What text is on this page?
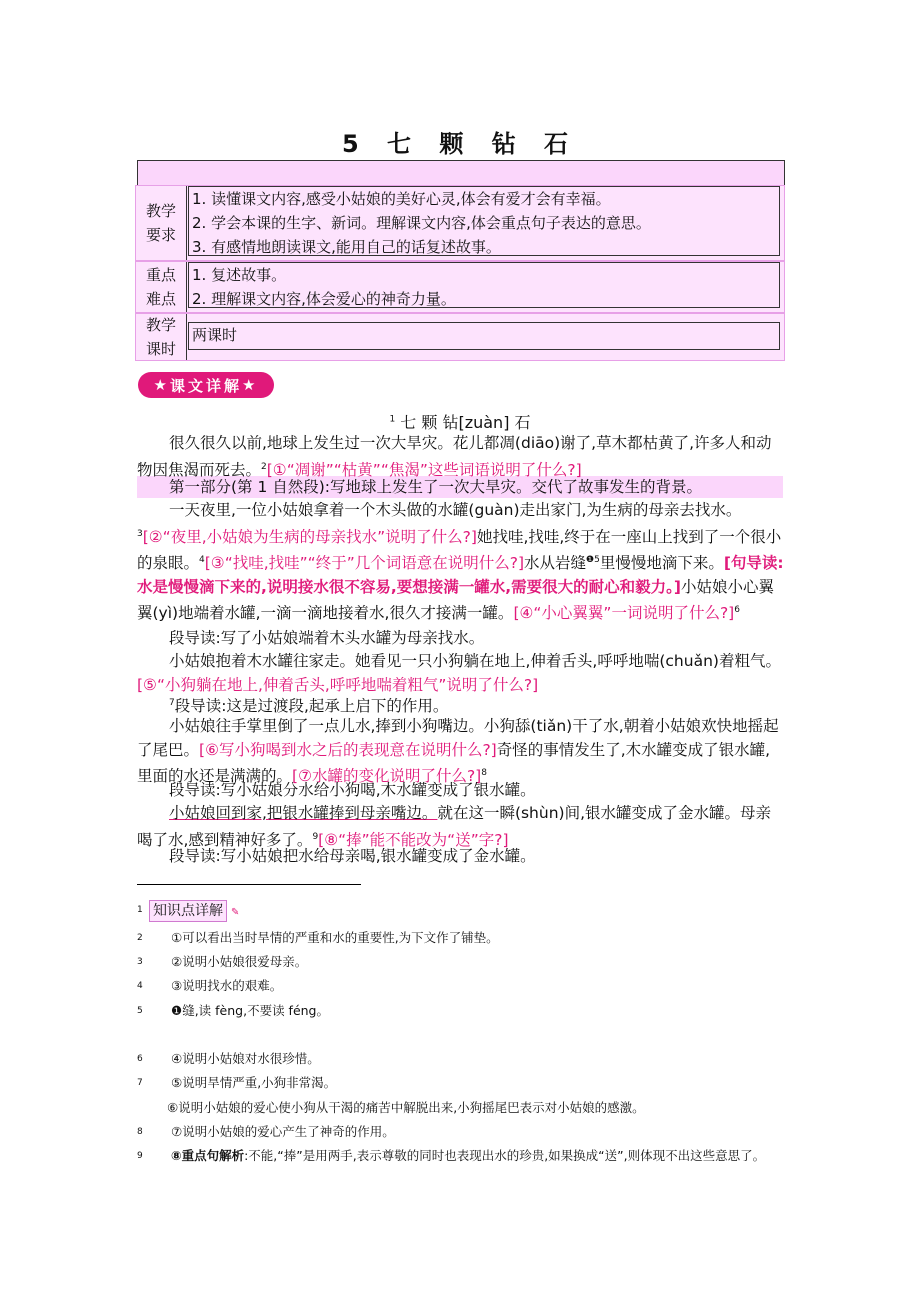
5 七 颗 钻 石
教学
要求
1. 读懂课文内容,感受小姑娘的美好心灵,体会有爱才会有幸福。
2. 学会本课的生字、新词。理解课文内容,体会重点句子表达的意思。
3. 有感情地朗读课文,能用自己的话复述故事。
重点
难点
1. 复述故事。
2. 理解课文内容,体会爱心的神奇力量。
教学
课时
两课时
★ 课文详解 ★
$^1$ 七 颗 钻[zuàn] 石
很久很久以前,地球上发生过一次大旱灾。花儿都凋(diāo)谢了,草木都枯黄了,许多人和动物因焦渴而死去。$^2$[①“凋谢”“枯黄”“焦渴”这些词语说明了什么?]
第一部分(第 1 自然段):写地球上发生了一次大旱灾。交代了故事发生的背景。
一天夜里,一位小姑娘拿着一个木头做的水罐(guàn)走出家门,为生病的母亲去找水。$^3$[②“夜里,小姑娘为生病的母亲找水”说明了什么?]她找哇,找哇,终于在一座山上找到了一个很小的泉眼。$^4$[③“找哇,找哇”“终于”几个词语意在说明什么?]水从岩缝$^{❶5}$里慢慢地滴下来。[句导读:水是慢慢滴下来的,说明接水很不容易,要想接满一罐水,需要很大的耐心和毅力。]小姑娘小心翼翼(yì)地端着水罐,一滴一滴地接着水,很久才接满一罐。[④“小心翼翼”一词说明了什么?]$^6$
段导读:写了小姑娘端着木头水罐为母亲找水。
小姑娘抱着木水罐往家走。她看见一只小狗躺在地上,伸着舌头,呼呼地喘(chuǎn)着粗气。[⑤“小狗躺在地上,伸着舌头,呼呼地喘着粗气”说明了什么?]
$^7$段导读:这是过渡段,起承上启下的作用。
小姑娘往手掌里倒了一点儿水,捧到小狗嘴边。小狗舔(tiǎn)干了水,朝着小姑娘欢快地摇起了尾巴。[⑥写小狗喝到水之后的表现意在说明什么?]奇怪的事情发生了,木水罐变成了银水罐,里面的水还是满满的。[⑦水罐的变化说明了什么?]$^8$
段导读:写小姑娘分水给小狗喝,木水罐变成了银水罐。
小姑娘回到家,把银水罐捧到母亲嘴边。就在这一瞬(shùn)间,银水罐变成了金水罐。母亲喝了水,感到精神好多了。$^9$[⑧“捧”能不能改为“送”字?]
段导读:写小姑娘把水给母亲喝,银水罐变成了金水罐。
1 知识点详解 ✎
2 ①可以看出当时旱情的严重和水的重要性,为下文作了铺垫。
3 ②说明小姑娘很爱母亲。
4 ③说明找水的艰难。
5 ❶缝,读 fèng,不要读 féng。
6 ④说明小姑娘对水很珍惜。
7 ⑤说明旱情严重,小狗非常渴。
⑥说明小姑娘的爱心使小狗从干渴的痛苦中解脱出来,小狗摇尾巴表示对小姑娘的感激。
8 ⑦说明小姑娘的爱心产生了神奇的作用。
9 ⑧重点句解析:不能,“捧”是用两手,表示尊敬的同时也表现出水的珍贵,如果换成“送”,则体现不出这些意思了。
